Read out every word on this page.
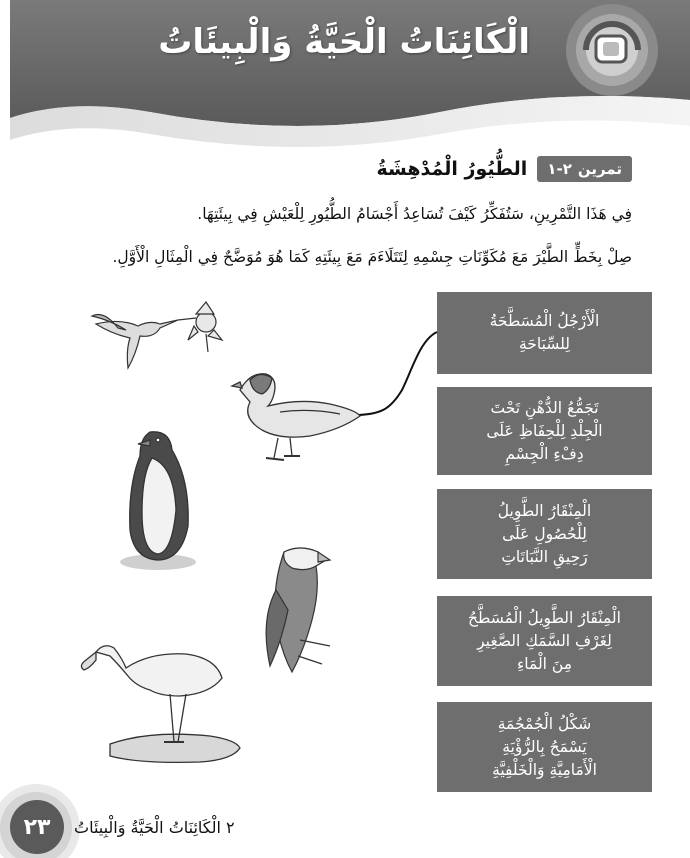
الْكَائِنَاتُ الْحَيَّةُ وَالْبِيئَاتُ
تمرين
٢-١
الطُّيُورُ الْمُدْهِشَةُ
فِي هَذَا التَّمْرِينِ، سَتُفَكِّرُ كَيْفَ تُسَاعِدُ أَجْسَامُ الطُّيُورِ لِلْعَيْشِ فِي بِيئَتِهَا.
صِلْ بِخَطٍّ الطَّيْرَ مَعَ مُكَوِّنَاتِ جِسْمِهِ لِتَتَلَاءَمَ مَعَ بِيئَتِهِ كَمَا هُوَ مُوَضَّحٌ فِي الْمِثَالِ الْأَوَّلِ.
الْأَرْجُلُ الْمُسَطَّحَةُ
لِلسِّبَاحَةِ
تَجَمُّعُ الدُّهْنِ تَحْتَ
الْجِلْدِ لِلْحِفَاظِ عَلَى
دِفْءِ الْجِسْمِ
الْمِنْقَارُ الطَّوِيلُ
لِلْحُصُولِ عَلَى
رَحِيقِ النَّبَاتَاتِ
الْمِنْقَارُ الطَّوِيلُ الْمُسَطَّحُ
لِغَرْفِ السَّمَكِ الصَّغِيرِ
مِنَ الْمَاءِ
شَكْلُ الْجُمْجُمَةِ
يَسْمَحُ بِالرُّؤْيَةِ
الْأَمَامِيَّةِ وَالْخَلْفِيَّةِ
٢٣	٢ الْكَائِنَاتُ الْحَيَّةُ وَالْبِيئَاتُ
